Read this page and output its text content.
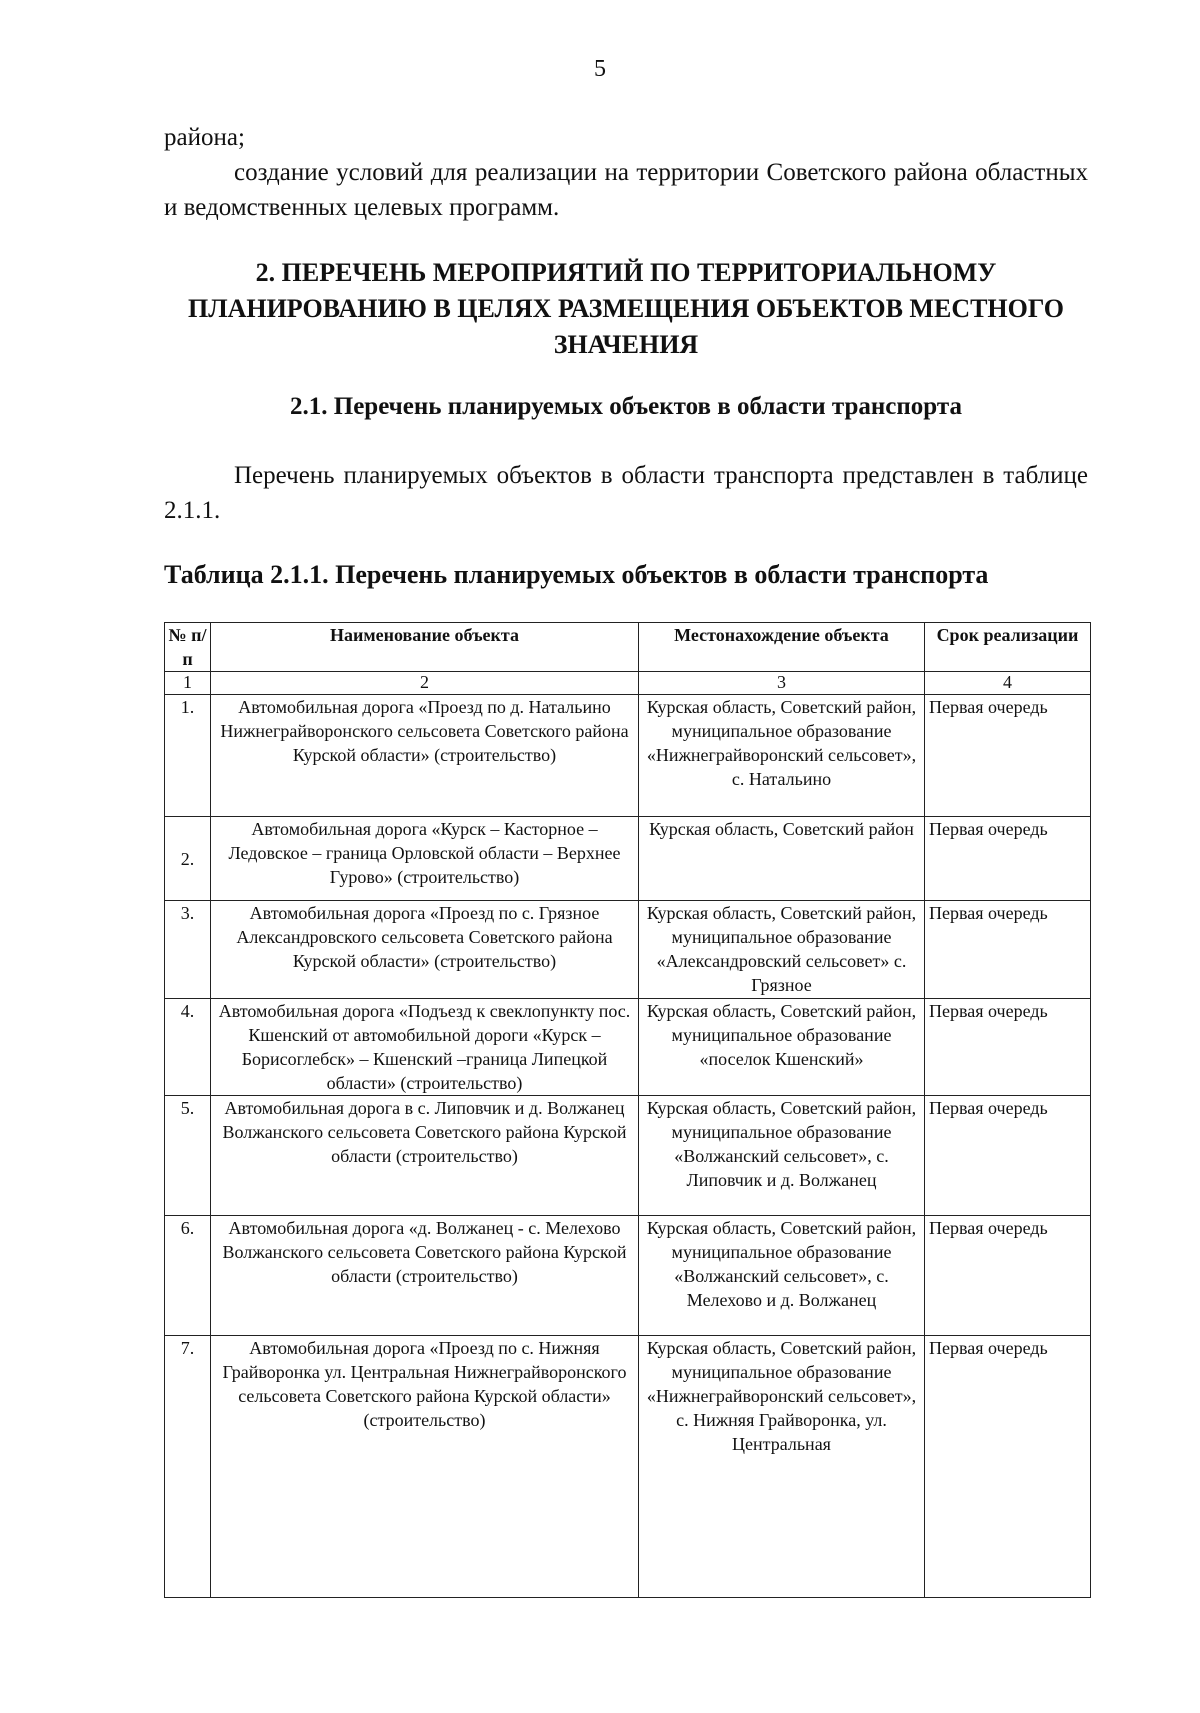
5
района;
создание условий для реализации на территории Советского района областных и ведомственных целевых программ.
2. ПЕРЕЧЕНЬ МЕРОПРИЯТИЙ ПО ТЕРРИТОРИАЛЬНОМУ ПЛАНИРОВАНИЮ В ЦЕЛЯХ РАЗМЕЩЕНИЯ ОБЪЕКТОВ МЕСТНОГО ЗНАЧЕНИЯ
2.1. Перечень планируемых объектов в области транспорта
Перечень планируемых объектов в области транспорта представлен в таблице 2.1.1.
Таблица 2.1.1. Перечень планируемых объектов в области транспорта
№ п/п	Наименование объекта	Местонахождение объекта	Срок реализации
1	2	3	4
1.	Автомобильная дорога «Проезд по д. Натальино Нижнеграйворонского сельсовета Советского района Курской области» (строительство)	Курская область, Советский район, муниципальное образование «Нижнеграйворонский сельсовет», с. Натальино	Первая очередь
2.	Автомобильная дорога «Курск – Касторное – Ледовское – граница Орловской области – Верхнее Гурово» (строительство)	Курская область, Советский район	Первая очередь
3.	Автомобильная дорога «Проезд по с. Грязное Александровского сельсовета Советского района Курской области» (строительство)	Курская область, Советский район, муниципальное образование «Александровский сельсовет» с. Грязное	Первая очередь
4.	Автомобильная дорога «Подъезд к свеклопункту пос. Кшенский от автомобильной дороги «Курск – Борисоглебск» – Кшенский –граница Липецкой области» (строительство)	Курская область, Советский район, муниципальное образование «поселок Кшенский»	Первая очередь
5.	Автомобильная дорога в с. Липовчик и д. Волжанец Волжанского сельсовета Советского района Курской области (строительство)	Курская область, Советский район, муниципальное образование «Волжанский сельсовет», с. Липовчик и д. Волжанец	Первая очередь
6.	Автомобильная дорога «д. Волжанец - с. Мелехово Волжанского сельсовета Советского района Курской области (строительство)	Курская область, Советский район, муниципальное образование «Волжанский сельсовет», с. Мелехово и д. Волжанец	Первая очередь
7.	Автомобильная дорога «Проезд по с. Нижняя Грайворонка ул. Центральная Нижнеграйворонского сельсовета Советского района Курской области» (строительство)	Курская область, Советский район, муниципальное образование «Нижнеграйворонский сельсовет», с. Нижняя Грайворонка, ул. Центральная	Первая очередь
